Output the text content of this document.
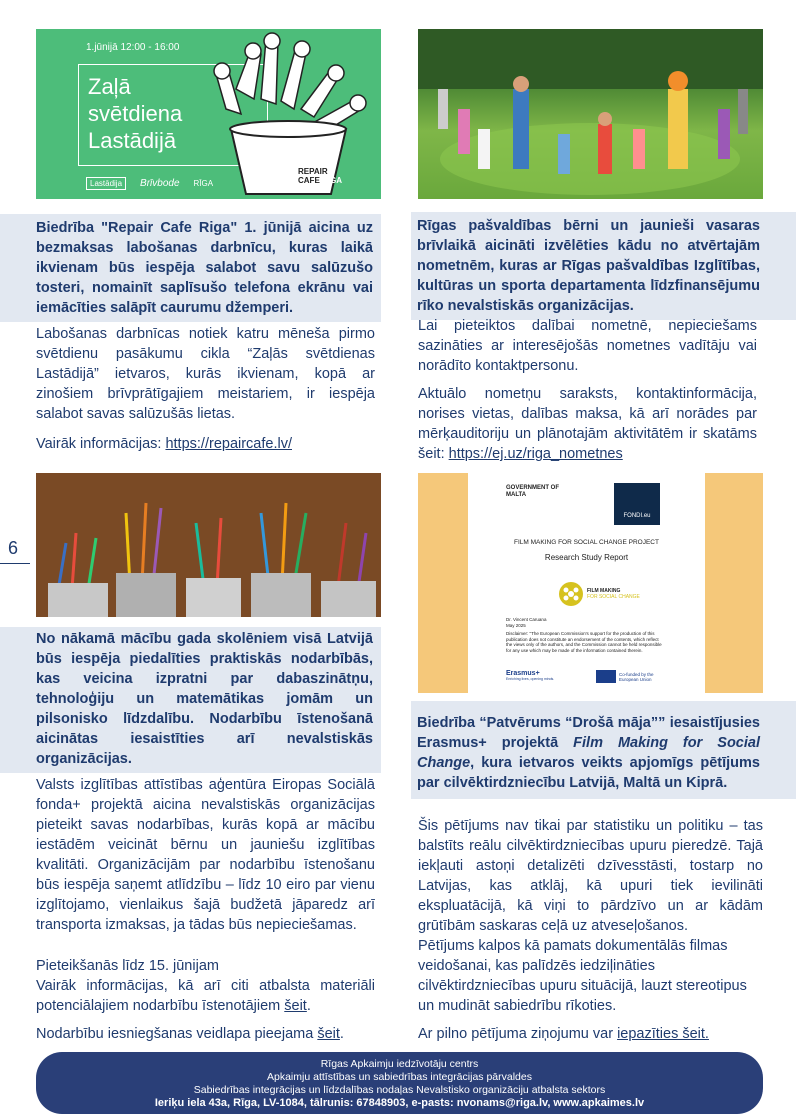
1.jūnijā 12:00 - 16:00
Zaļā
svētdiena
Lastādijā
REPAIR
CAFE RĪGA
Lastādija	Brīvbode RĪGA
Biedrība "Repair Cafe Riga" 1. jūnijā aicina uz bezmaksas labošanas darbnīcu, kuras laikā ikvienam būs iespēja salabot savu salūzušo tosteri, nomainīt saplīsušo telefona ekrānu vai iemācīties salāpīt caurumu džemperi.

Labošanas darbnīcas notiek katru mēneša pirmo svētdienu pasākumu cikla “Zaļās svētdienas Lastādijā” ietvaros, kurās ikvienam, kopā ar zinošiem brīvprātīgajiem meistariem, ir iespēja salabot savas salūzušās lietas.

Vairāk informācijas: https://repaircafe.lv/

Rīgas pašvaldības bērni un jaunieši vasaras brīvlaikā aicināti izvēlēties kādu no atvērtajām nometnēm, kuras ar Rīgas pašvaldības Izglītības, kultūras un sporta departamenta līdzfinansējumu rīko nevalstiskās organizācijas.

Lai pieteiktos dalībai nometnē, nepieciešams sazināties ar interesējošās nometnes vadītāju vai norādīto kontaktpersonu.

Aktuālo nometņu saraksts, kontaktinformācija, norises vietas, dalības maksa, kā arī norādes par mērķauditoriju un plānotajām aktivitātēm ir skatāms šeit: https://ej.uz/riga_nometnes

6
GOVERNMENT OF MALTA
FONDI.eu
FILM MAKING FOR SOCIAL CHANGE PROJECT
Research Study Report
FILM MAKING
FOR SOCIAL CHANGE
Dr. Vincent Caruana
May 2025
Disclaimer: "The European Commission's support for the production of this publication does not constitute an endorsement of the contents, which reflect the views only of the authors, and the Commission cannot be held responsible for any use which may be made of the information contained therein.
Erasmus+
Enriching lives, opening minds.
Co-funded by the European Union
No nākamā mācību gada skolēniem visā Latvijā būs iespēja piedalīties praktiskās nodarbībās, kas veicina izpratni par dabaszinātņu, tehnoloģiju un matemātikas jomām un pilsonisko līdzdalību. Nodarbību īstenošanā aicinātas iesaistīties arī nevalstiskās organizācijas.

Valsts izglītības attīstības aģentūra Eiropas Sociālā fonda+ projektā aicina nevalstiskās organizācijas pieteikt savas nodarbības, kurās kopā ar mācību iestādēm veicināt bērnu un jauniešu izglītības kvalitāti. Organizācijām par nodarbību īstenošanu būs iespēja saņemt atlīdzību – līdz 10 eiro par vienu izglītojamo, vienlaikus šajā budžetā jāparedz arī transporta izmaksas, ja tādas būs nepieciešamas.

Pieteikšanās līdz 15. jūnijam

Vairāk informācijas, kā arī citi atbalsta materiāli potenciālajiem nodarbību īstenotājiem šeit.

Nodarbību iesniegšanas veidlapa pieejama šeit.

Biedrība “Patvērums “Drošā māja”” iesaistījusies Erasmus+ projektā Film Making for Social Change, kura ietvaros veikts apjomīgs pētījums par cilvēktirdzniecību Latvijā, Maltā un Kiprā.

Šis pētījums nav tikai par statistiku un politiku – tas balstīts reālu cilvēktirdzniecības upuru pieredzē. Tajā iekļauti astoņi detalizēti dzīvesstāsti, tostarp no Latvijas, kas atklāj, kā upuri tiek ievilināti ekspluatācijā, kā viņi to pārdzīvo un ar kādām grūtībām saskaras ceļā uz atveseļošanos.

Pētījums kalpos kā pamats dokumentālās filmas veidošanai, kas palīdzēs iedziļināties cilvēktirdzniecības upuru situācijā, lauzt stereotipus un mudināt sabiedrību rīkoties.

Ar pilno pētījuma ziņojumu var iepazīties šeit.

Rīgas Apkaimju iedzīvotāju centrs
Apkaimju attīstības un sabiedrības integrācijas pārvaldes
Sabiedrības integrācijas un līdzdalības nodaļas Nevalstisko organizāciju atbalsta sektors
Ieriķu iela 43a, Rīga, LV-1084, tālrunis: 67848903, e-pasts: nvonams@riga.lv, www.apkaimes.lv
